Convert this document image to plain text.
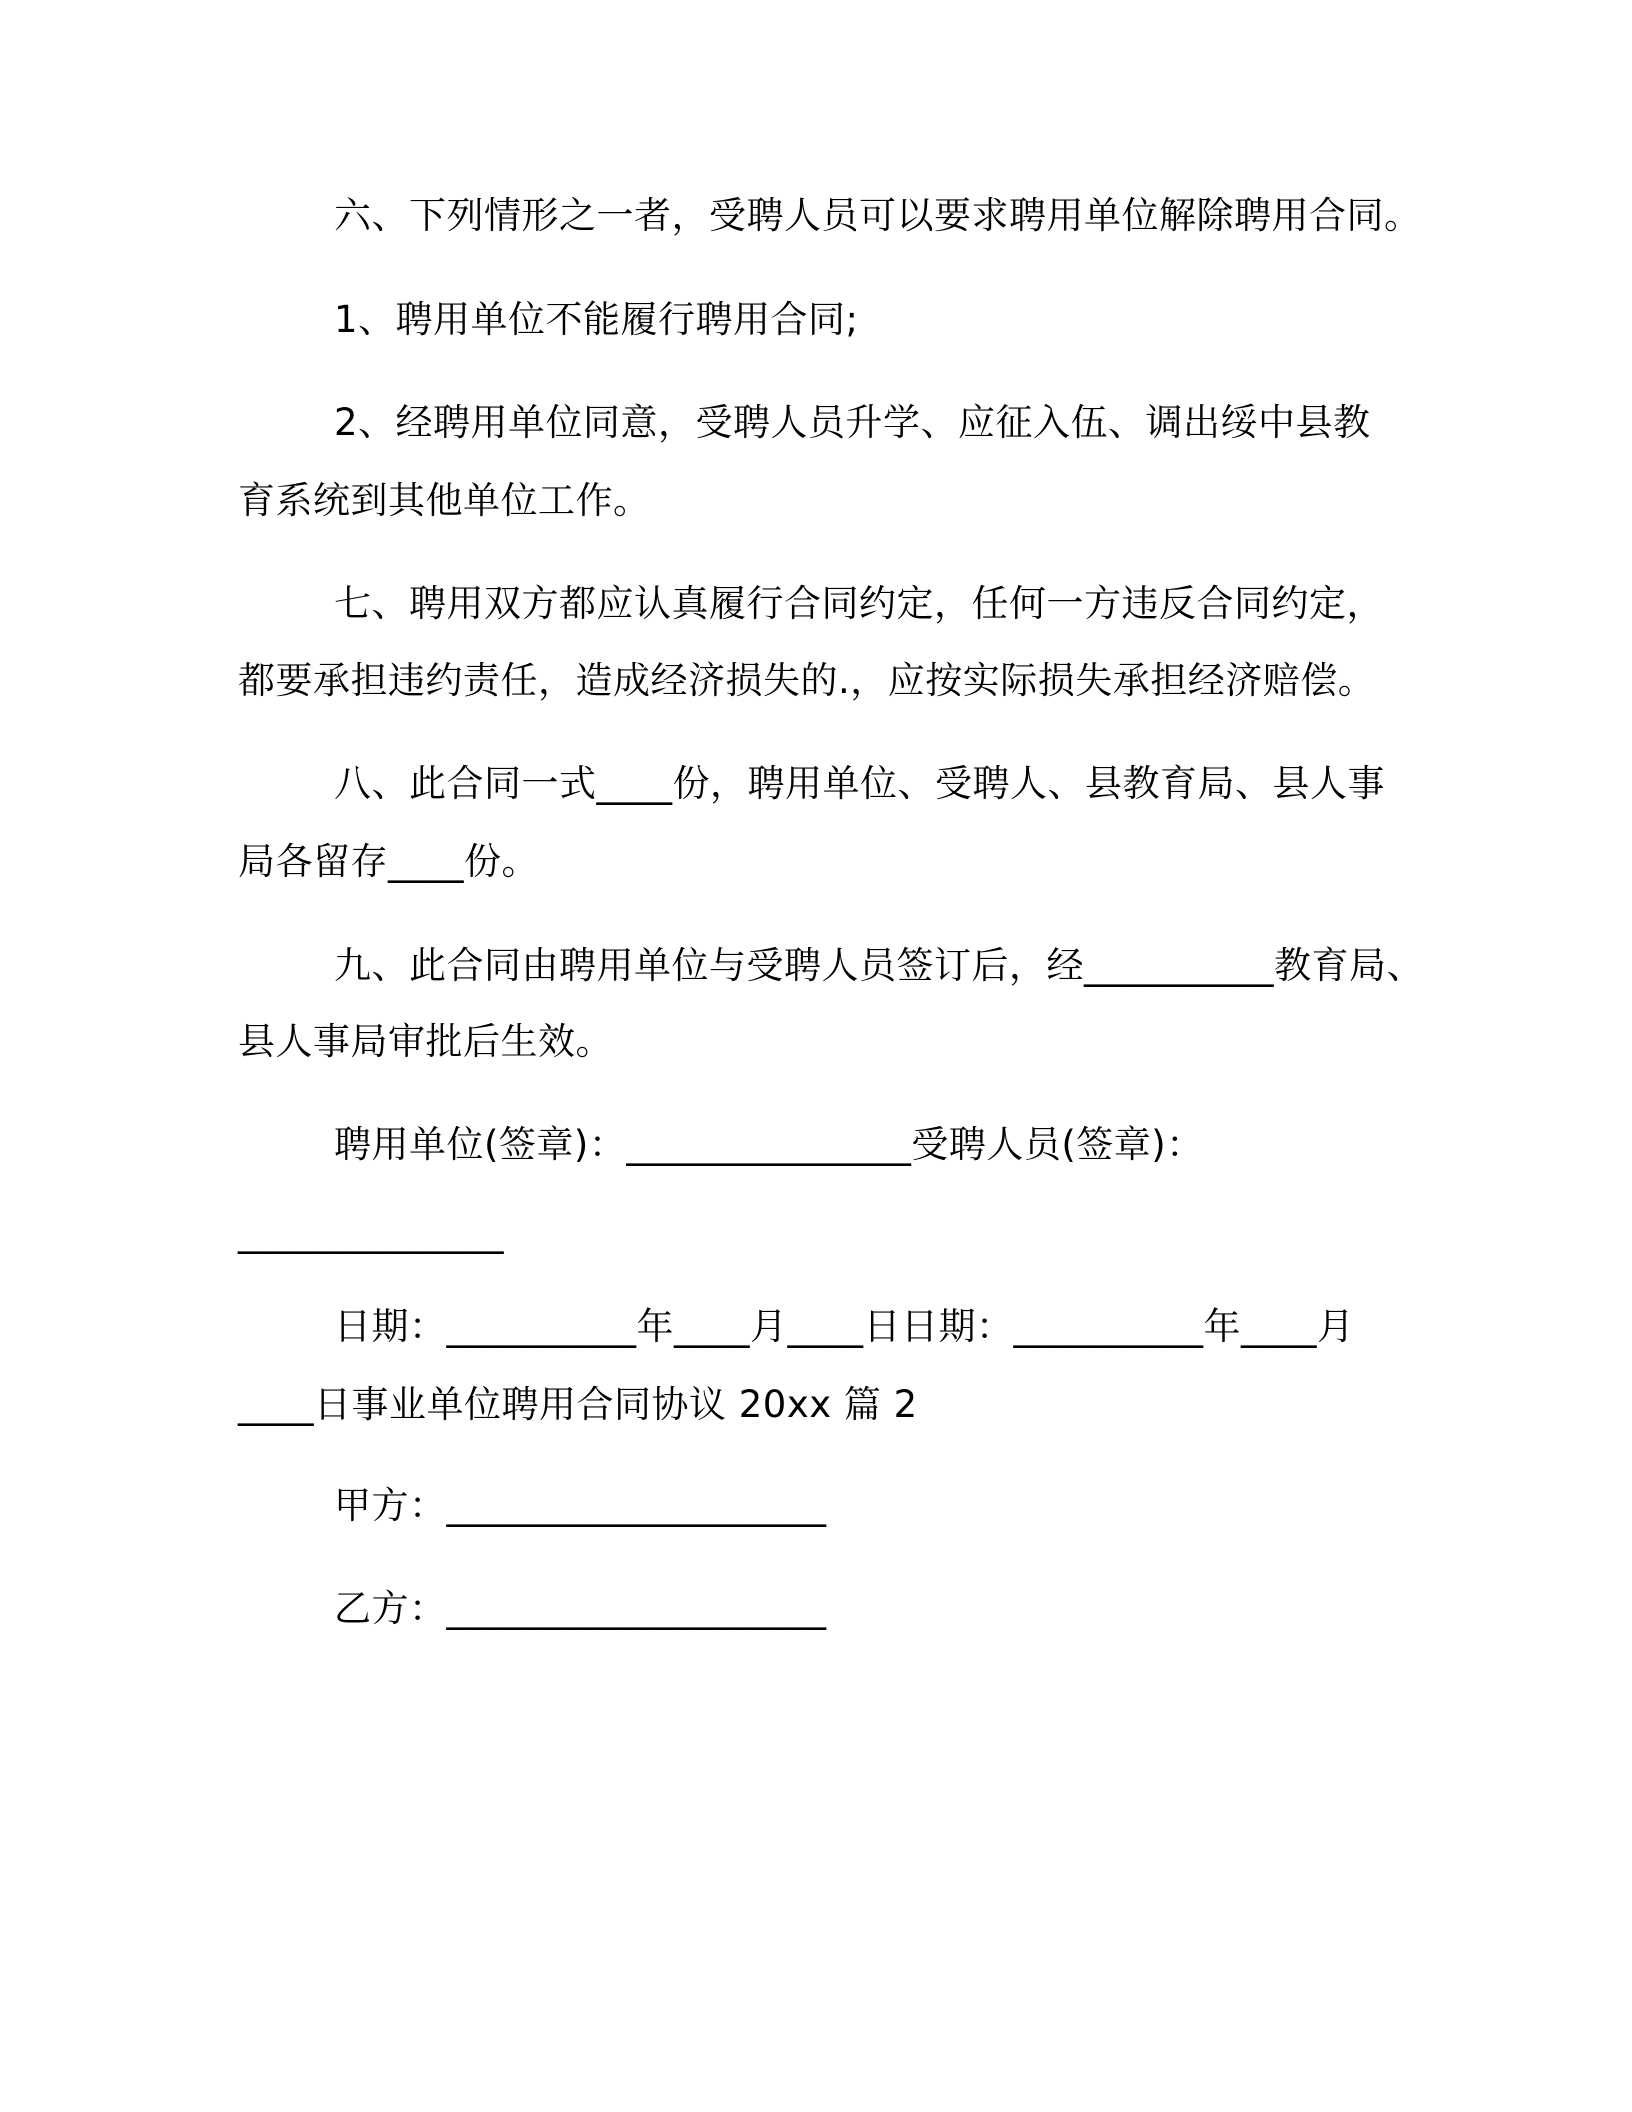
六、下列情形之一者，受聘人员可以要求聘用单位解除聘用合同。
1、聘用单位不能履行聘用合同;
2、经聘用单位同意，受聘人员升学、应征入伍、调出绥中县教
育系统到其他单位工作。
七、聘用双方都应认真履行合同约定，任何一方违反合同约定，
都要承担违约责任，造成经济损失的.，应按实际损失承担经济赔偿。
八、此合同一式____份，聘用单位、受聘人、县教育局、县人事
局各留存____份。
九、此合同由聘用单位与受聘人员签订后，经__________教育局、
县人事局审批后生效。
聘用单位(签章)：_______________受聘人员(签章)：
______________
日期：__________年____月____日日期：__________年____月
____日事业单位聘用合同协议 20xx 篇 2
甲方：____________________
乙方：____________________
